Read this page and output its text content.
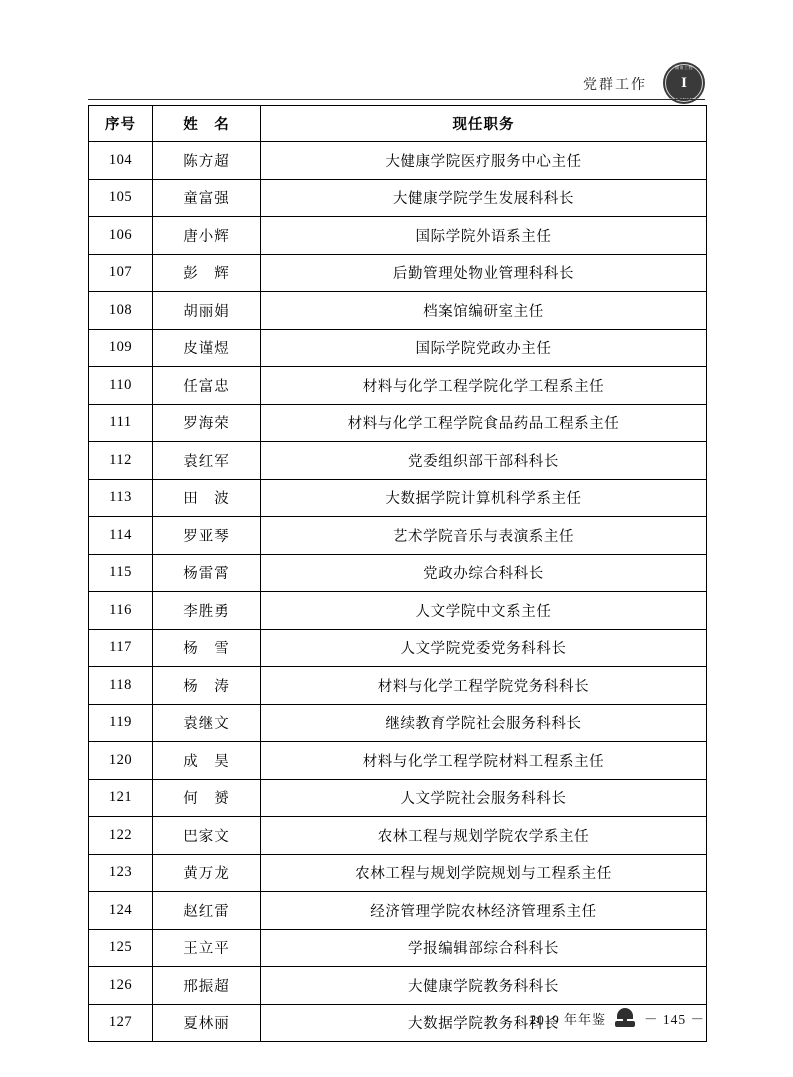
党群工作
湖南工程
I
序号	姓　名	现任职务
104	陈方超	大健康学院医疗服务中心主任
105	童富强	大健康学院学生发展科科长
106	唐小辉	国际学院外语系主任
107	彭　辉	后勤管理处物业管理科科长
108	胡丽娟	档案馆编研室主任
109	皮谨煜	国际学院党政办主任
110	任富忠	材料与化学工程学院化学工程系主任
111	罗海荣	材料与化学工程学院食品药品工程系主任
112	袁红军	党委组织部干部科科长
113	田　波	大数据学院计算机科学系主任
114	罗亚琴	艺术学院音乐与表演系主任
115	杨雷霄	党政办综合科科长
116	李胜勇	人文学院中文系主任
117	杨　雪	人文学院党委党务科科长
118	杨　涛	材料与化学工程学院党务科科长
119	袁继文	继续教育学院社会服务科科长
120	成　昊	材料与化学工程学院材料工程系主任
121	何　赟	人文学院社会服务科科长
122	巴家文	农林工程与规划学院农学系主任
123	黄万龙	农林工程与规划学院规划与工程系主任
124	赵红雷	经济管理学院农林经济管理系主任
125	王立平	学报编辑部综合科科长
126	邢振超	大健康学院教务科科长
127	夏林丽	大数据学院教务科科长
2019 年年鉴	－ 145 －
